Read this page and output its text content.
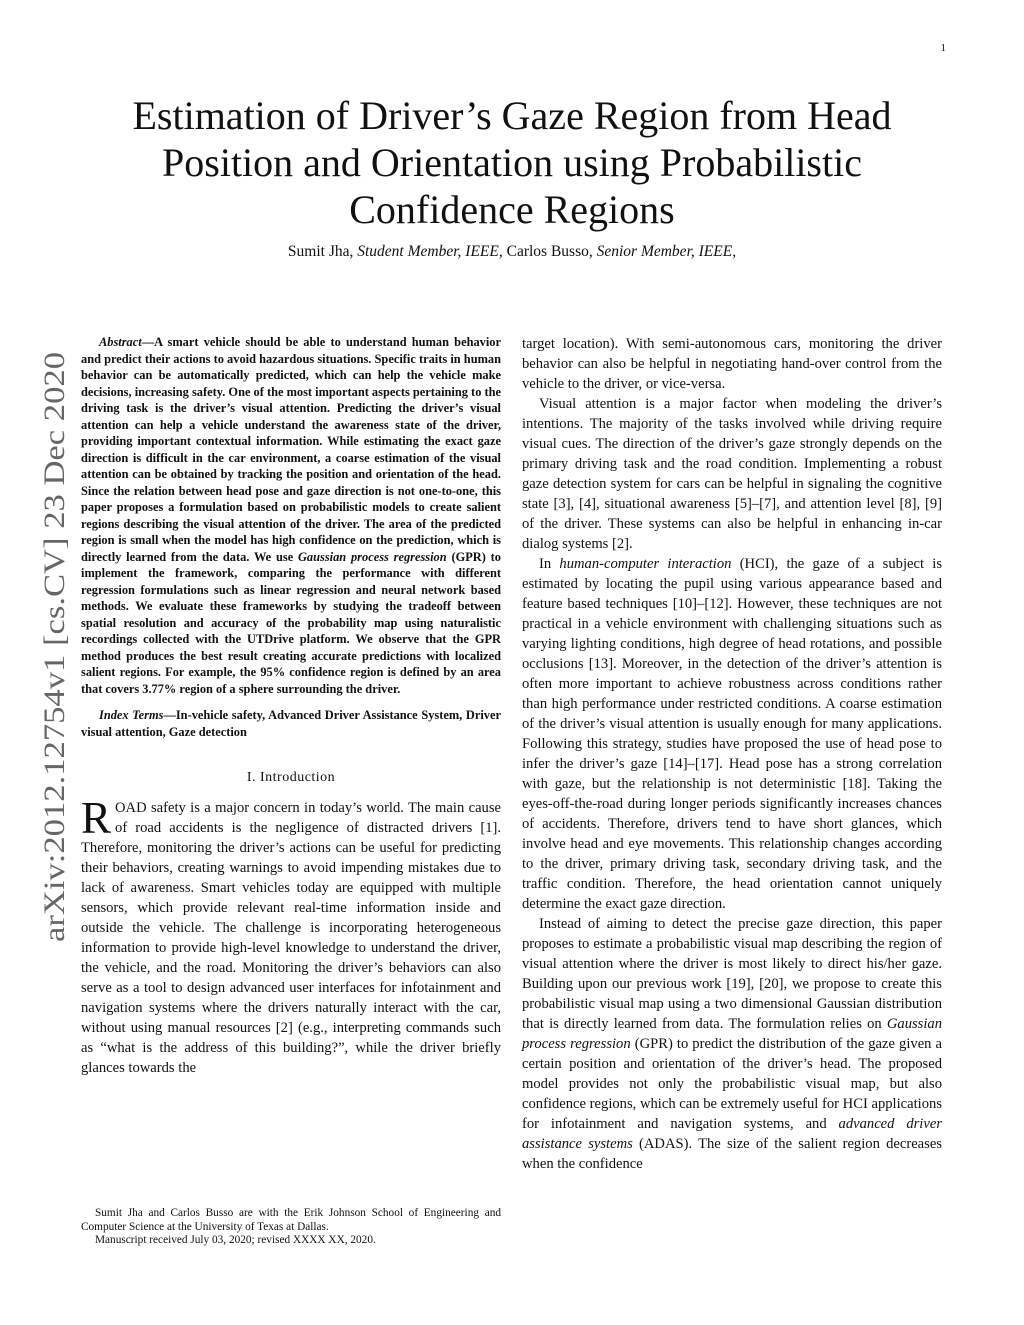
1
arXiv:2012.12754v1 [cs.CV] 23 Dec 2020
Estimation of Driver’s Gaze Region from Head Position and Orientation using Probabilistic Confidence Regions
Sumit Jha, Student Member, IEEE, Carlos Busso, Senior Member, IEEE,

Abstract—A smart vehicle should be able to understand human behavior and predict their actions to avoid hazardous situations. Specific traits in human behavior can be automatically predicted, which can help the vehicle make decisions, increasing safety. One of the most important aspects pertaining to the driving task is the driver’s visual attention. Predicting the driver’s visual attention can help a vehicle understand the awareness state of the driver, providing important contextual information. While estimating the exact gaze direction is difficult in the car environment, a coarse estimation of the visual attention can be obtained by tracking the position and orientation of the head. Since the relation between head pose and gaze direction is not one-to-one, this paper proposes a formulation based on probabilistic models to create salient regions describing the visual attention of the driver. The area of the predicted region is small when the model has high confidence on the prediction, which is directly learned from the data. We use Gaussian process regression (GPR) to implement the framework, comparing the performance with different regression formulations such as linear regression and neural network based methods. We evaluate these frameworks by studying the tradeoff between spatial resolution and accuracy of the probability map using naturalistic recordings collected with the UTDrive platform. We observe that the GPR method produces the best result creating accurate predictions with localized salient regions. For example, the 95% confidence region is defined by an area that covers 3.77% region of a sphere surrounding the driver.

Index Terms—In-vehicle safety, Advanced Driver Assistance System, Driver visual attention, Gaze detection

I. Introduction

ROAD safety is a major concern in today’s world. The main cause of road accidents is the negligence of distracted drivers [1]. Therefore, monitoring the driver’s actions can be useful for predicting their behaviors, creating warnings to avoid impending mistakes due to lack of awareness. Smart vehicles today are equipped with multiple sensors, which provide relevant real-time information inside and outside the vehicle. The challenge is incorporating heterogeneous information to provide high-level knowledge to understand the driver, the vehicle, and the road. Monitoring the driver’s behaviors can also serve as a tool to design advanced user interfaces for infotainment and navigation systems where the drivers naturally interact with the car, without using manual resources [2] (e.g., interpreting commands such as “what is the address of this building?”, while the driver briefly glances towards the

target location). With semi-autonomous cars, monitoring the driver behavior can also be helpful in negotiating hand-over control from the vehicle to the driver, or vice-versa.

Visual attention is a major factor when modeling the driver’s intentions. The majority of the tasks involved while driving require visual cues. The direction of the driver’s gaze strongly depends on the primary driving task and the road condition. Implementing a robust gaze detection system for cars can be helpful in signaling the cognitive state [3], [4], situational awareness [5]–[7], and attention level [8], [9] of the driver. These systems can also be helpful in enhancing in-car dialog systems [2].

In human-computer interaction (HCI), the gaze of a subject is estimated by locating the pupil using various appearance based and feature based techniques [10]–[12]. However, these techniques are not practical in a vehicle environment with challenging situations such as varying lighting conditions, high degree of head rotations, and possible occlusions [13]. Moreover, in the detection of the driver’s attention is often more important to achieve robustness across conditions rather than high performance under restricted conditions. A coarse estimation of the driver’s visual attention is usually enough for many applications. Following this strategy, studies have proposed the use of head pose to infer the driver’s gaze [14]–[17]. Head pose has a strong correlation with gaze, but the relationship is not deterministic [18]. Taking the eyes-off-the-road during longer periods significantly increases chances of accidents. Therefore, drivers tend to have short glances, which involve head and eye movements. This relationship changes according to the driver, primary driving task, secondary driving task, and the traffic condition. Therefore, the head orientation cannot uniquely determine the exact gaze direction.

Instead of aiming to detect the precise gaze direction, this paper proposes to estimate a probabilistic visual map describing the region of visual attention where the driver is most likely to direct his/her gaze. Building upon our previous work [19], [20], we propose to create this probabilistic visual map using a two dimensional Gaussian distribution that is directly learned from data. The formulation relies on Gaussian process regression (GPR) to predict the distribution of the gaze given a certain position and orientation of the driver’s head. The proposed model provides not only the probabilistic visual map, but also confidence regions, which can be extremely useful for HCI applications for infotainment and navigation systems, and advanced driver assistance systems (ADAS). The size of the salient region decreases when the confidence

Sumit Jha and Carlos Busso are with the Erik Johnson School of Engineering and Computer Science at the University of Texas at Dallas.

Manuscript received July 03, 2020; revised XXXX XX, 2020.
